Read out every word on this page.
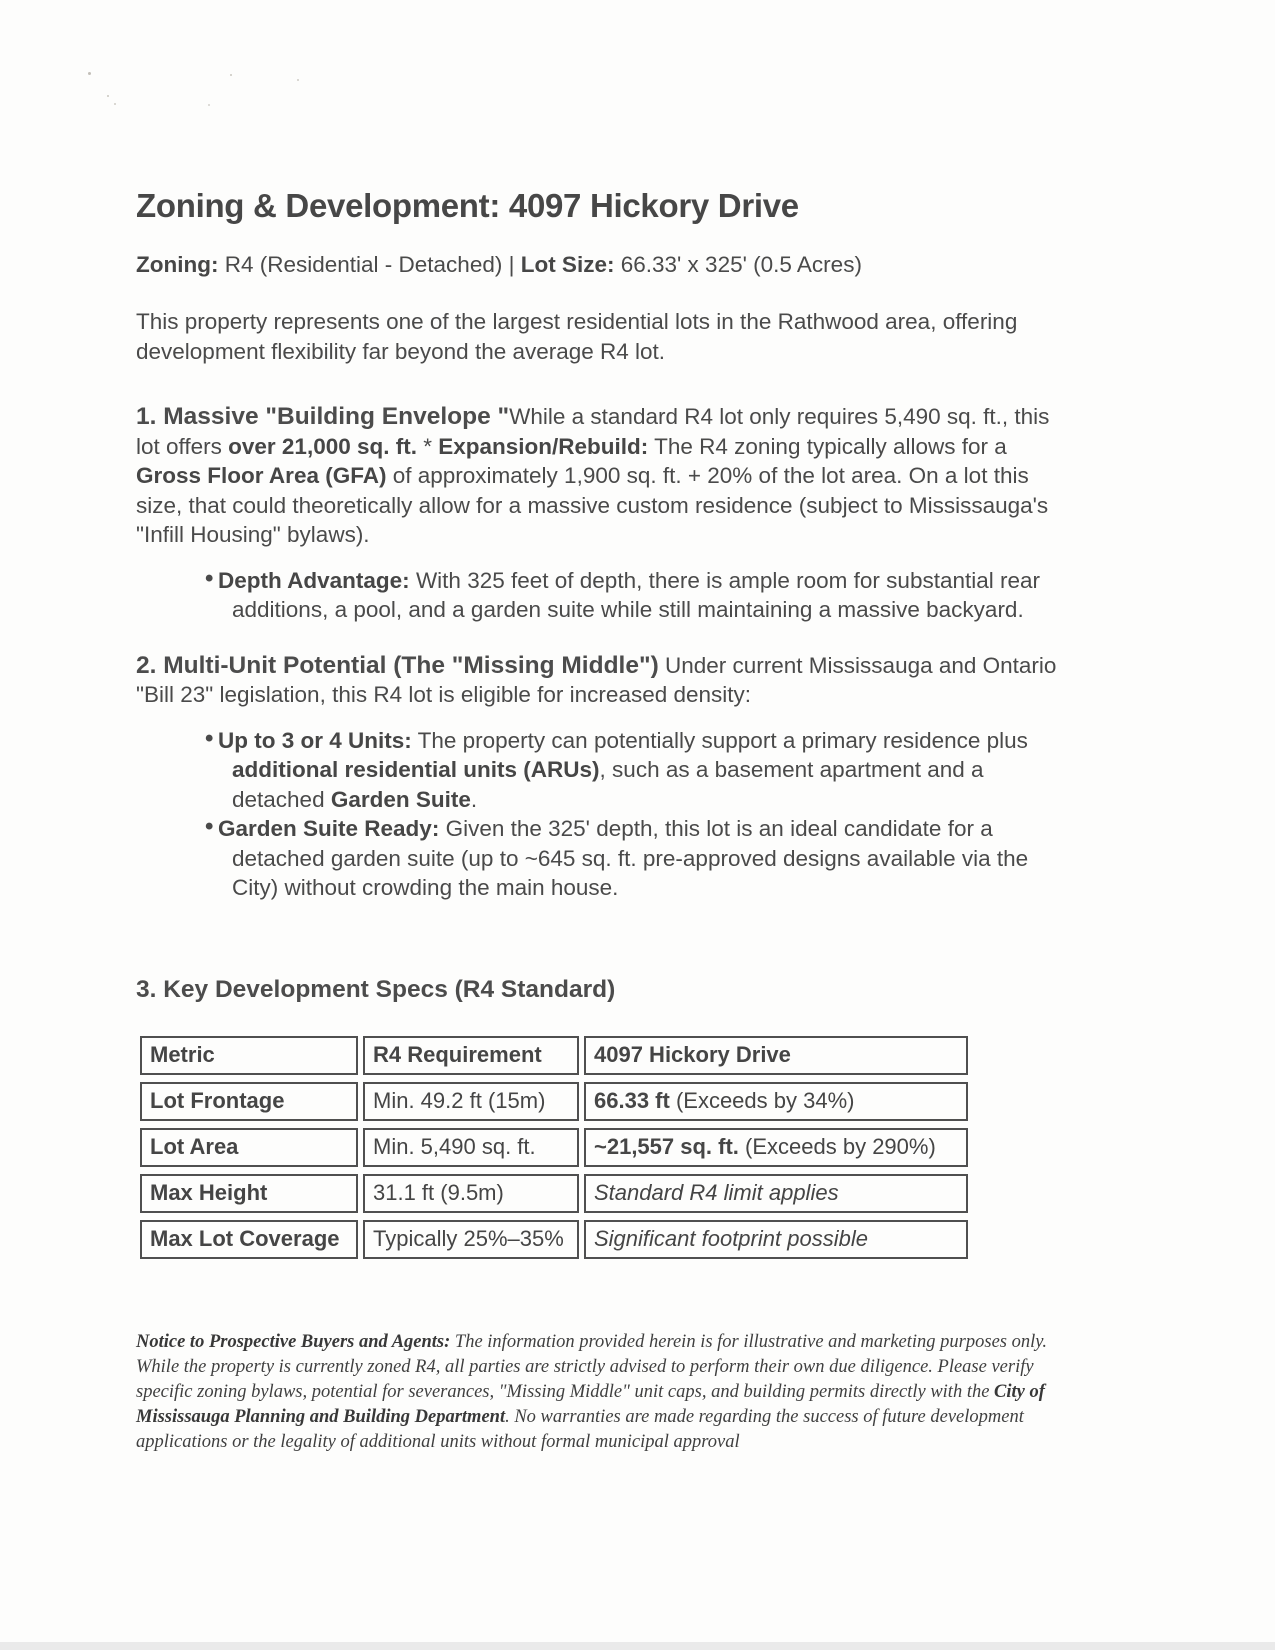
Zoning & Development: 4097 Hickory Drive

Zoning: R4 (Residential - Detached) | Lot Size: 66.33' x 325' (0.5 Acres)

This property represents one of the largest residential lots in the Rathwood area, offering development flexibility far beyond the average R4 lot.

1. Massive "Building Envelope "While a standard R4 lot only requires 5,490 sq. ft., this lot offers over 21,000 sq. ft. * Expansion/Rebuild: The R4 zoning typically allows for a Gross Floor Area (GFA) of approximately 1,900 sq. ft. + 20% of the lot area. On a lot this size, that could theoretically allow for a massive custom residence (subject to Mississauga's "Infill Housing" bylaws).

• Depth Advantage: With 325 feet of depth, there is ample room for substantial rear additions, a pool, and a garden suite while still maintaining a massive backyard.

2. Multi-Unit Potential (The "Missing Middle") Under current Mississauga and Ontario "Bill 23" legislation, this R4 lot is eligible for increased density:

• Up to 3 or 4 Units: The property can potentially support a primary residence plus additional residential units (ARUs), such as a basement apartment and a detached Garden Suite.
• Garden Suite Ready: Given the 325' depth, this lot is an ideal candidate for a detached garden suite (up to ~645 sq. ft. pre-approved designs available via the City) without crowding the main house.
3. Key Development Specs (R4 Standard)
Metric	R4 Requirement	4097 Hickory Drive
Lot Frontage	Min. 49.2 ft (15m)	66.33 ft (Exceeds by 34%)
Lot Area	Min. 5,490 sq. ft.	~21,557 sq. ft. (Exceeds by 290%)
Max Height	31.1 ft (9.5m)	Standard R4 limit applies
Max Lot Coverage	Typically 25%–35%	Significant footprint possible

Notice to Prospective Buyers and Agents: The information provided herein is for illustrative and marketing purposes only. While the property is currently zoned R4, all parties are strictly advised to perform their own due diligence. Please verify specific zoning bylaws, potential for severances, "Missing Middle" unit caps, and building permits directly with the City of Mississauga Planning and Building Department. No warranties are made regarding the success of future development applications or the legality of additional units without formal municipal approval
